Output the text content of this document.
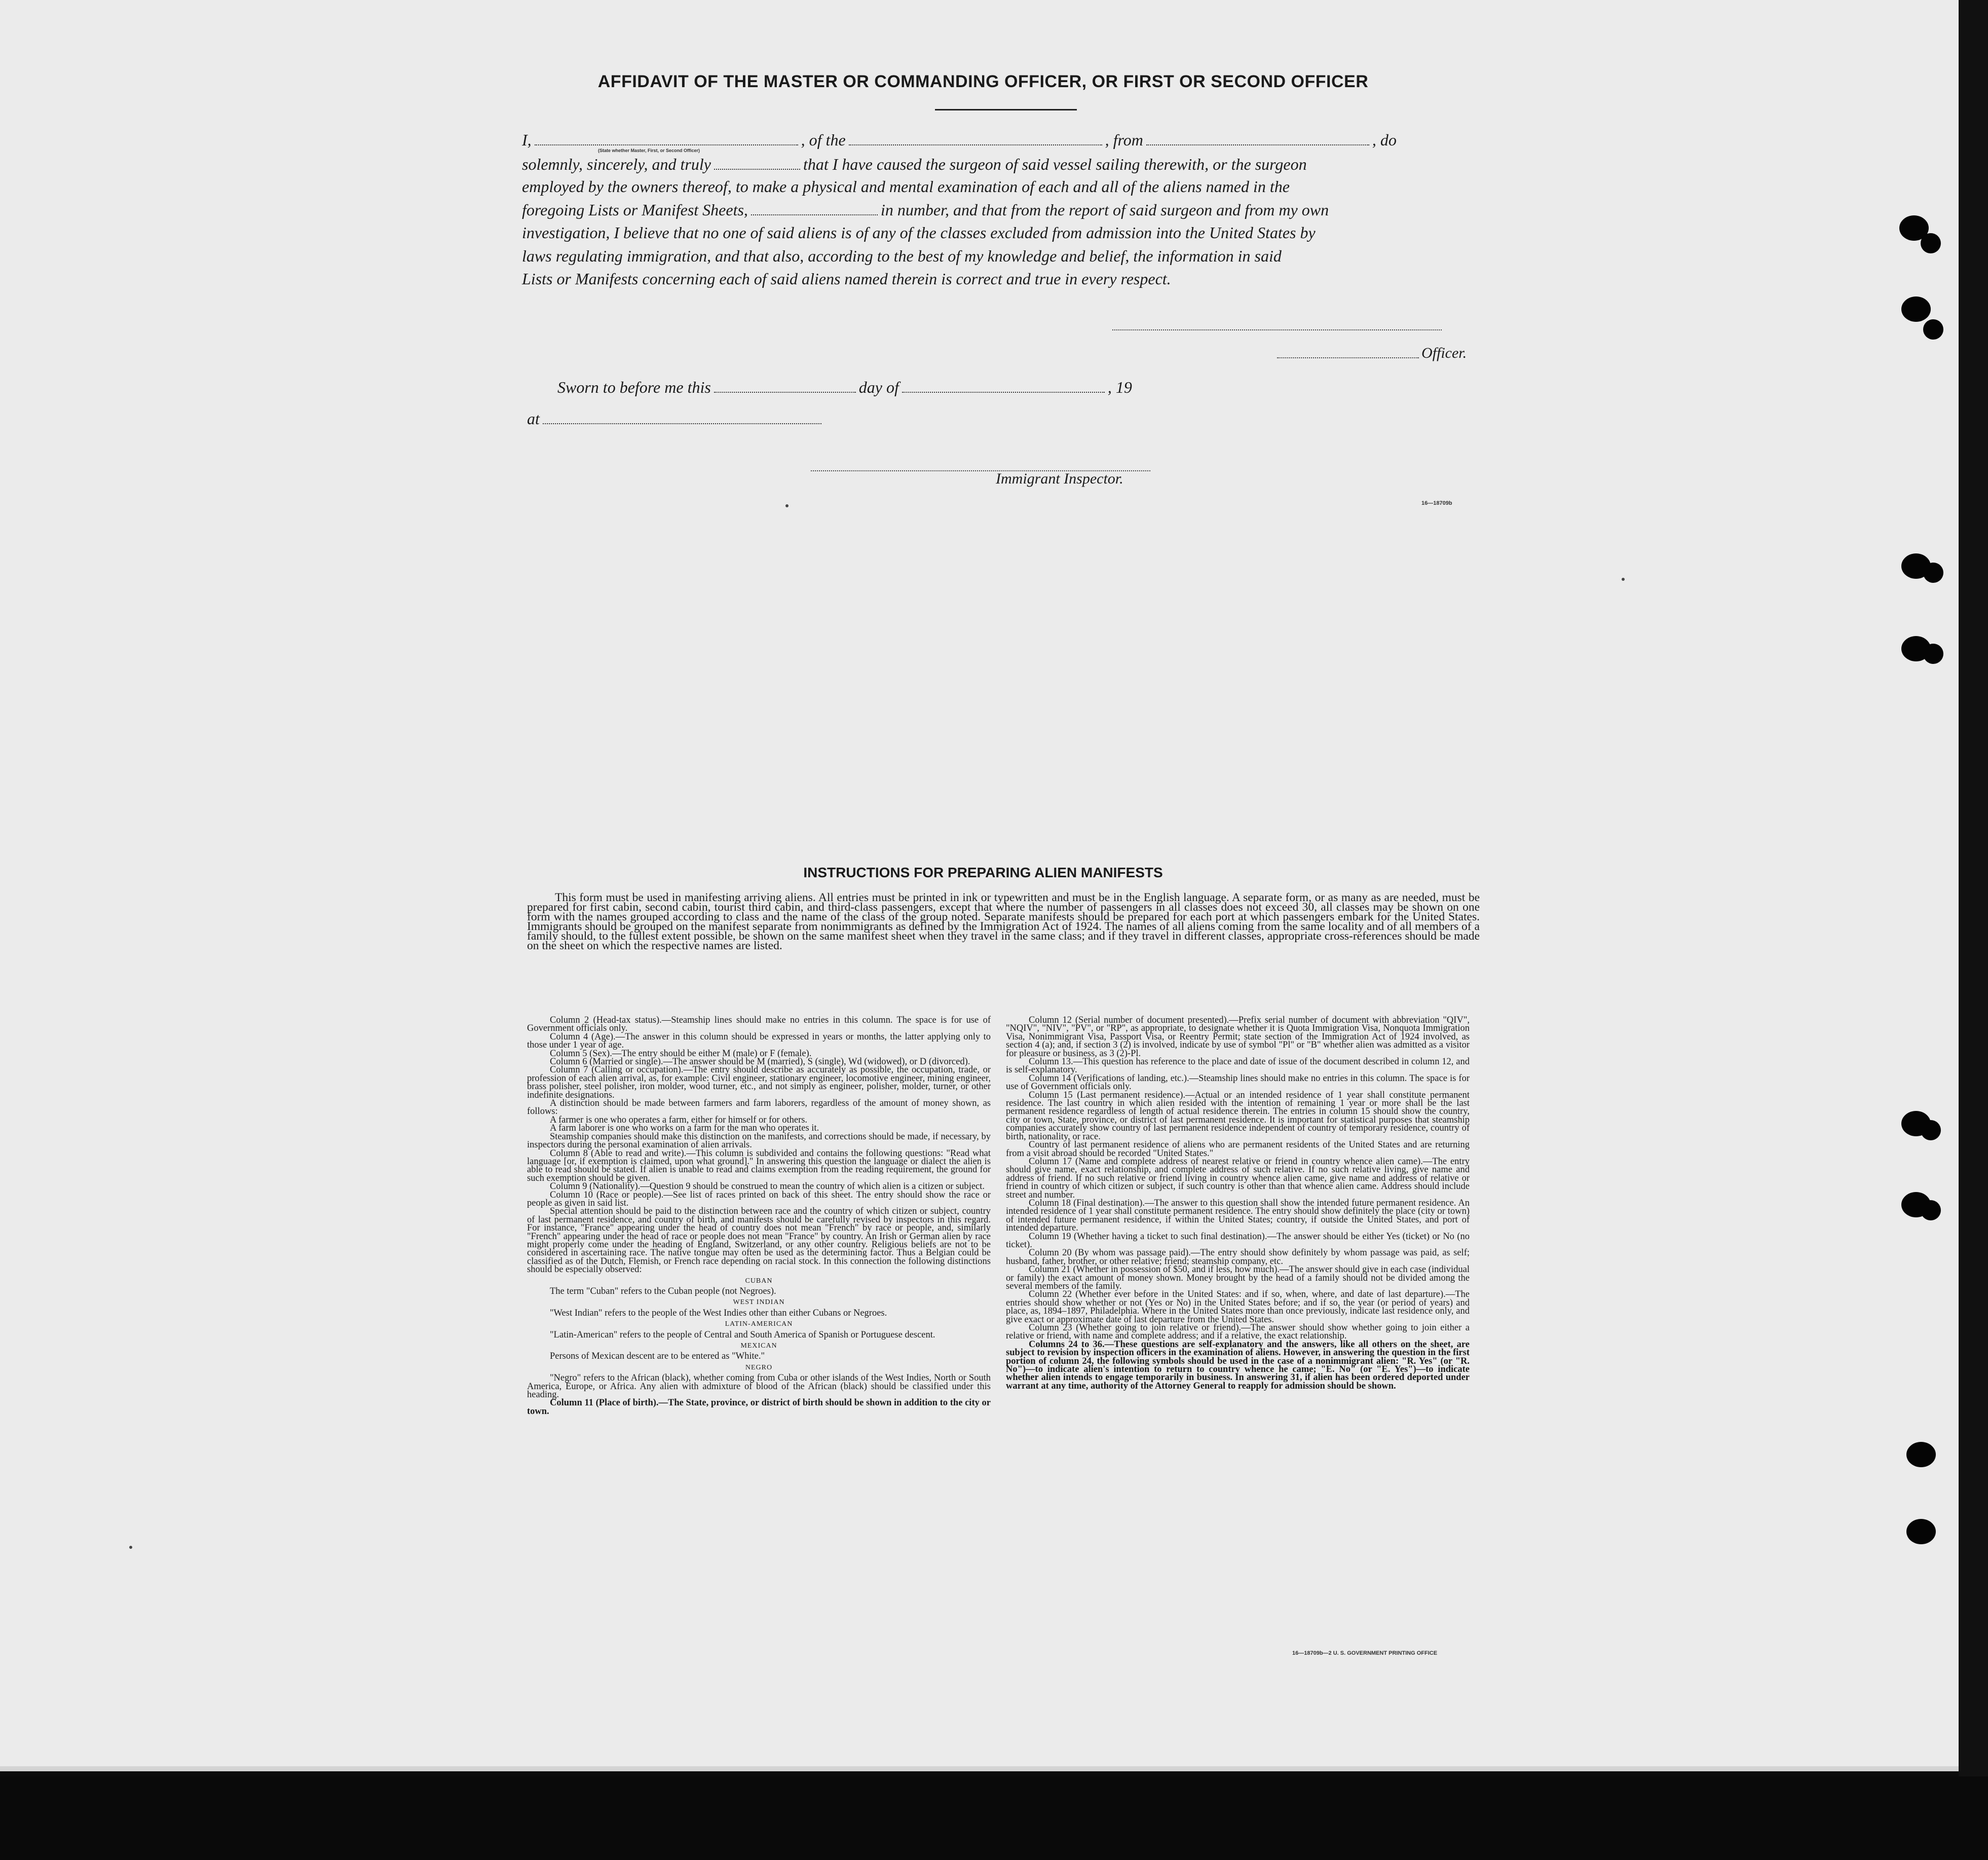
AFFIDAVIT OF THE MASTER OR COMMANDING OFFICER, OR FIRST OR SECOND OFFICER
I,	, of the	, from	, do
(State whether Master, First, or Second Officer)
solemnly, sincerely, and truly	that I have caused the surgeon of said vessel sailing therewith, or the surgeon
employed by the owners thereof, to make a physical and mental examination of each and all of the aliens named in the
foregoing Lists or Manifest Sheets,	in number, and that from the report of said surgeon and from my own
investigation, I believe that no one of said aliens is of any of the classes excluded from admission into the United States by
laws regulating immigration, and that also, according to the best of my knowledge and belief, the information in said
Lists or Manifests concerning each of said aliens named therein is correct and true in every respect.
Officer.
Sworn to before me this	day of	, 19
at
Immigrant Inspector.
16—18709b
INSTRUCTIONS FOR PREPARING ALIEN MANIFESTS

This form must be used in manifesting arriving aliens. All entries must be printed in ink or typewritten and must be in the English language. A separate form, or as many as are needed, must be prepared for first cabin, second cabin, tourist third cabin, and third-class passengers, except that where the number of passengers in all classes does not exceed 30, all classes may be shown on one form with the names grouped according to class and the name of the class of the group noted. Separate manifests should be prepared for each port at which passengers embark for the United States. Immigrants should be grouped on the manifest separate from nonimmigrants as defined by the Immigration Act of 1924. The names of all aliens coming from the same locality and of all members of a family should, to the fullest extent possible, be shown on the same manifest sheet when they travel in the same class; and if they travel in different classes, appropriate cross-references should be made on the sheet on which the respective names are listed.

Column 2 (Head-tax status).—Steamship lines should make no entries in this column. The space is for use of Government officials only.

Column 4 (Age).—The answer in this column should be expressed in years or months, the latter applying only to those under 1 year of age.

Column 5 (Sex).—The entry should be either M (male) or F (female).

Column 6 (Married or single).—The answer should be M (married), S (single), Wd (widowed), or D (divorced).

Column 7 (Calling or occupation).—The entry should describe as accurately as possible, the occupation, trade, or profession of each alien arrival, as, for example: Civil engineer, stationary engineer, locomotive engineer, mining engineer, brass polisher, steel polisher, iron molder, wood turner, etc., and not simply as engineer, polisher, molder, turner, or other indefinite designations.

A distinction should be made between farmers and farm laborers, regardless of the amount of money shown, as follows:

A farmer is one who operates a farm, either for himself or for others.

A farm laborer is one who works on a farm for the man who operates it.

Steamship companies should make this distinction on the manifests, and corrections should be made, if necessary, by inspectors during the personal examination of alien arrivals.

Column 8 (Able to read and write).—This column is subdivided and contains the following questions: "Read what language [or, if exemption is claimed, upon what ground]." In answering this question the language or dialect the alien is able to read should be stated. If alien is unable to read and claims exemption from the reading requirement, the ground for such exemption should be given.

Column 9 (Nationality).—Question 9 should be construed to mean the country of which alien is a citizen or subject.

Column 10 (Race or people).—See list of races printed on back of this sheet. The entry should show the race or people as given in said list.

Special attention should be paid to the distinction between race and the country of which citizen or subject, country of last permanent residence, and country of birth, and manifests should be carefully revised by inspectors in this regard. For instance, "France" appearing under the head of country does not mean "French" by race or people, and, similarly "French" appearing under the head of race or people does not mean "France" by country. An Irish or German alien by race might properly come under the heading of England, Switzerland, or any other country. Religious beliefs are not to be considered in ascertaining race. The native tongue may often be used as the determining factor. Thus a Belgian could be classified as of the Dutch, Flemish, or French race depending on racial stock. In this connection the following distinctions should be especially observed:

CUBAN

The term "Cuban" refers to the Cuban people (not Negroes).

WEST INDIAN

"West Indian" refers to the people of the West Indies other than either Cubans or Negroes.

LATIN-AMERICAN

"Latin-American" refers to the people of Central and South America of Spanish or Portuguese descent.

MEXICAN

Persons of Mexican descent are to be entered as "White."

NEGRO

"Negro" refers to the African (black), whether coming from Cuba or other islands of the West Indies, North or South America, Europe, or Africa. Any alien with admixture of blood of the African (black) should be classified under this heading.

Column 11 (Place of birth).—The State, province, or district of birth should be shown in addition to the city or town.

Column 12 (Serial number of document presented).—Prefix serial number of document with abbreviation "QIV", "NQIV", "NIV", "PV", or "RP", as appropriate, to designate whether it is Quota Immigration Visa, Nonquota Immigration Visa, Nonimmigrant Visa, Passport Visa, or Reentry Permit; state section of the Immigration Act of 1924 involved, as section 4 (a); and, if section 3 (2) is involved, indicate by use of symbol "Pl" or "B" whether alien was admitted as a visitor for pleasure or business, as 3 (2)-Pl.

Column 13.—This question has reference to the place and date of issue of the document described in column 12, and is self-explanatory.

Column 14 (Verifications of landing, etc.).—Steamship lines should make no entries in this column. The space is for use of Government officials only.

Column 15 (Last permanent residence).—Actual or an intended residence of 1 year shall constitute permanent residence. The last country in which alien resided with the intention of remaining 1 year or more shall be the last permanent residence regardless of length of actual residence therein. The entries in column 15 should show the country, city or town, State, province, or district of last permanent residence. It is important for statistical purposes that steamship companies accurately show country of last permanent residence independent of country of temporary residence, country of birth, nationality, or race.

Country of last permanent residence of aliens who are permanent residents of the United States and are returning from a visit abroad should be recorded "United States."

Column 17 (Name and complete address of nearest relative or friend in country whence alien came).—The entry should give name, exact relationship, and complete address of such relative. If no such relative living, give name and address of friend. If no such relative or friend living in country whence alien came, give name and address of relative or friend in country of which citizen or subject, if such country is other than that whence alien came. Address should include street and number.

Column 18 (Final destination).—The answer to this question shall show the intended future permanent residence. An intended residence of 1 year shall constitute permanent residence. The entry should show definitely the place (city or town) of intended future permanent residence, if within the United States; country, if outside the United States, and port of intended departure.

Column 19 (Whether having a ticket to such final destination).—The answer should be either Yes (ticket) or No (no ticket).

Column 20 (By whom was passage paid).—The entry should show definitely by whom passage was paid, as self; husband, father, brother, or other relative; friend; steamship company, etc.

Column 21 (Whether in possession of $50, and if less, how much).—The answer should give in each case (individual or family) the exact amount of money shown. Money brought by the head of a family should not be divided among the several members of the family.

Column 22 (Whether ever before in the United States: and if so, when, where, and date of last departure).—The entries should show whether or not (Yes or No) in the United States before; and if so, the year (or period of years) and place, as, 1894–1897, Philadelphia. Where in the United States more than once previously, indicate last residence only, and give exact or approximate date of last departure from the United States.

Column 23 (Whether going to join relative or friend).—The answer should show whether going to join either a relative or friend, with name and complete address; and if a relative, the exact relationship.

Columns 24 to 36.—These questions are self-explanatory and the answers, like all others on the sheet, are subject to revision by inspection officers in the examination of aliens. However, in answering the question in the first portion of column 24, the following symbols should be used in the case of a nonimmigrant alien: "R. Yes" (or "R. No")—to indicate alien's intention to return to country whence he came; "E. No" (or "E. Yes")—to indicate whether alien intends to engage temporarily in business. In answering 31, if alien has been ordered deported under warrant at any time, authority of the Attorney General to reapply for admission should be shown.

16—18709b—2 U. S. GOVERNMENT PRINTING OFFICE
